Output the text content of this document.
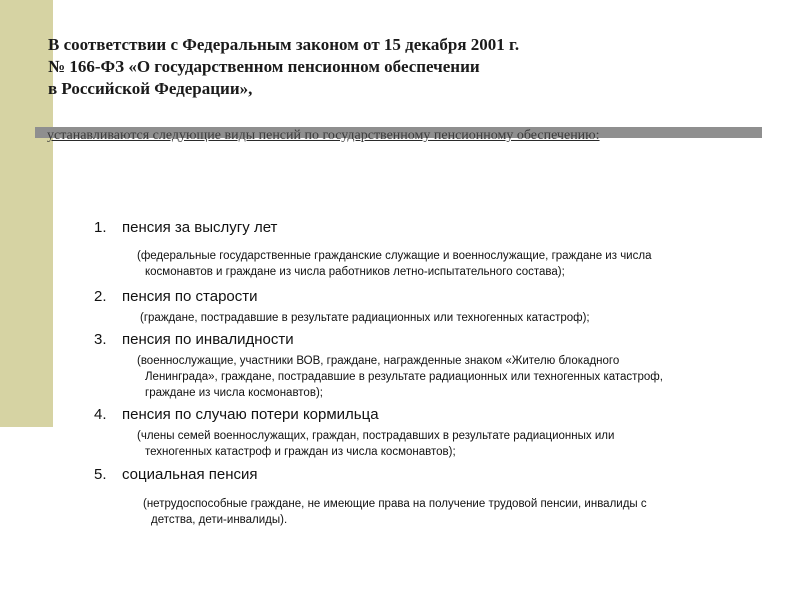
В соответствии с Федеральным законом от 15 декабря 2001 г.
№ 166-ФЗ «О государственном пенсионном обеспечении
в Российской Федерации»,
устанавливаются следующие виды пенсий по государственному пенсионному обеспечению:
1. пенсия за выслугу лет
(федеральные государственные гражданские служащие и военнослужащие, граждане из числа
космонавтов и граждане из числа работников летно-испытательного состава);
2. пенсия по старости
(граждане, пострадавшие в результате радиационных или техногенных катастроф);
3. пенсия по инвалидности
(военнослужащие, участники ВОВ, граждане, награжденные знаком «Жителю блокадного
Ленинграда», граждане, пострадавшие в результате радиационных или техногенных катастроф,
граждане из числа космонавтов);
4. пенсия по случаю потери кормильца
(члены семей военнослужащих, граждан, пострадавших в результате радиационных или
техногенных катастроф и граждан из числа космонавтов);
5. социальная пенсия
(нетрудоспособные граждане, не имеющие права на получение трудовой пенсии, инвалиды с
детства, дети-инвалиды).
